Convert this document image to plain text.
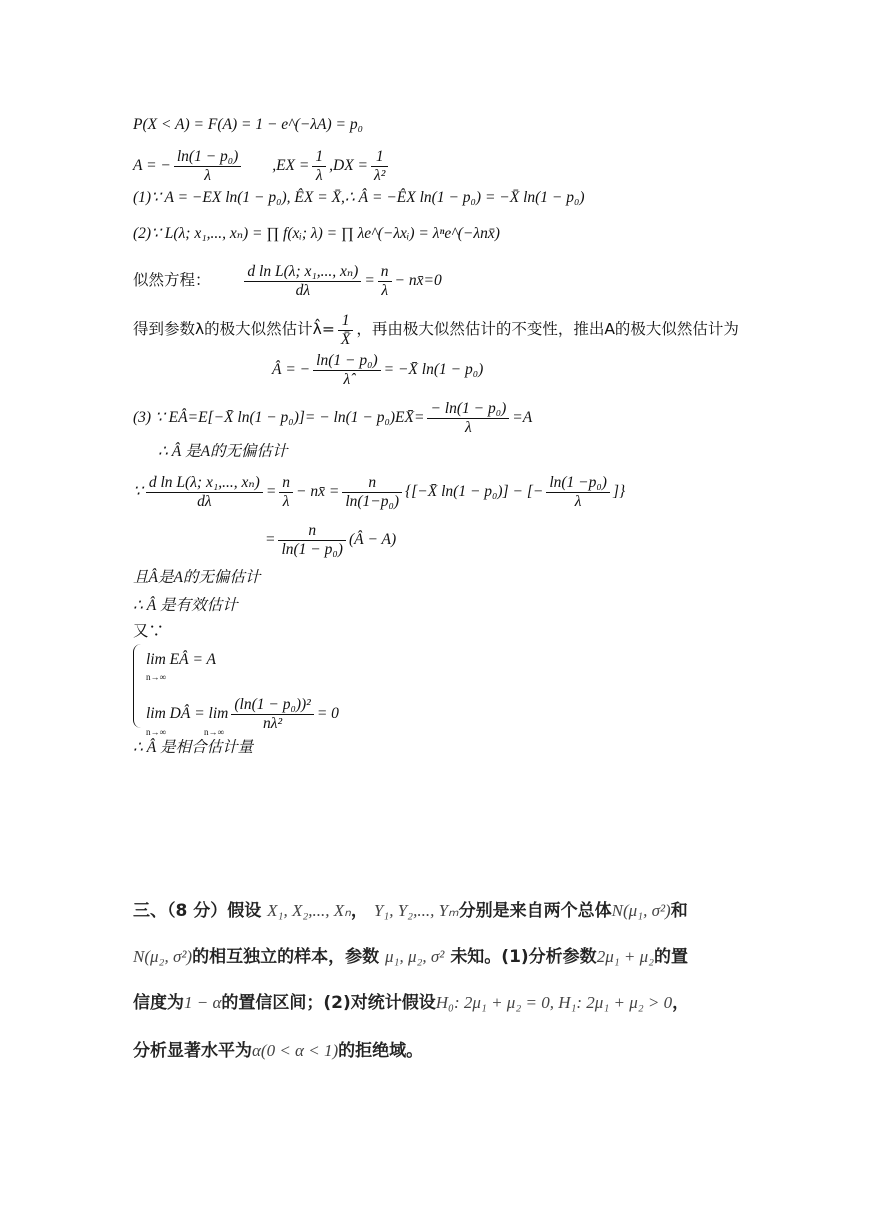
P(X < A) = F(A) = 1 − e^(−λA) = p₀
A = − $\frac{\text{ln(1 − p₀)}}{\lambda} ,EX = \frac{1}{\lambda} ,DX = \frac{1}{\text{λ²}}$
(1)∵ A = −EX ln(1 − p₀), ÊX = X̄,∴ Â = −ÊX ln(1 − p₀) = −X̄ ln(1 − p₀)
(2)∵ L(λ; x₁,..., xₙ) = ∏ f(xᵢ; λ) = ∏ λe^(−λxᵢ) = λⁿe^(−λnx̄)
似然方程： $\frac{\text{d ln L(λ; x₁,..., xₙ)}}{d\lambda} = \frac{n}{\lambda}$ − nx̄=0
得到参数λ的极大似然估计λ̂= $\frac{1}{X̄}$ ，再由极大似然估计的不变性，推出A的极大似然估计为
Â = − $\frac{\text{ln(1 − p₀)}}{\lambdâ}$ = −X̄ ln(1 − p₀)
(3) ∵ EÂ=E[−X̄ ln(1 − p₀)]= − ln(1 − p₀)EX̄= $\frac{\text{− ln(1 − p₀)}}{\lambda} =A$
∴ Â 是A的无偏估计
∵ $\frac{\text{d ln L(λ; x₁,..., xₙ)}}{d\lambda} = \frac{n}{\lambda}$ − nx̄ = $\frac{n}{\text{ln(1−p₀)}}$ {[−X̄ ln(1 − p₀)] − [− $\frac{\text{ln(1 −p₀)}}{\lambda}$ ]}
= $\frac{n}{\text{ln(1 − p₀)}}$ (Â − A)
且Â是A的无偏估计
∴ Â 是有效估计
又∵
lim EÂ = A
n→∞
lim DÂ = $\lim \frac{\text{(ln(1 − p₀))²}}{\text{nλ²}} = 0$
n→∞	n→∞
∴ Â 是相合估计量
三、（8 分）假设 X₁, X₂,..., Xₙ， Y₁, Y₂,..., Yₘ分别是来自两个总体N(μ₁, σ²)和
N(μ₂, σ²)的相互独立的样本，参数 μ₁, μ₂, σ² 未知。(1)分析参数2μ₁ + μ₂的置
信度为1 − α的置信区间；(2)对统计假设H₀: 2μ₁ + μ₂ = 0, H₁: 2μ₁ + μ₂ > 0，
分析显著水平为α(0 < α < 1)的拒绝域。
